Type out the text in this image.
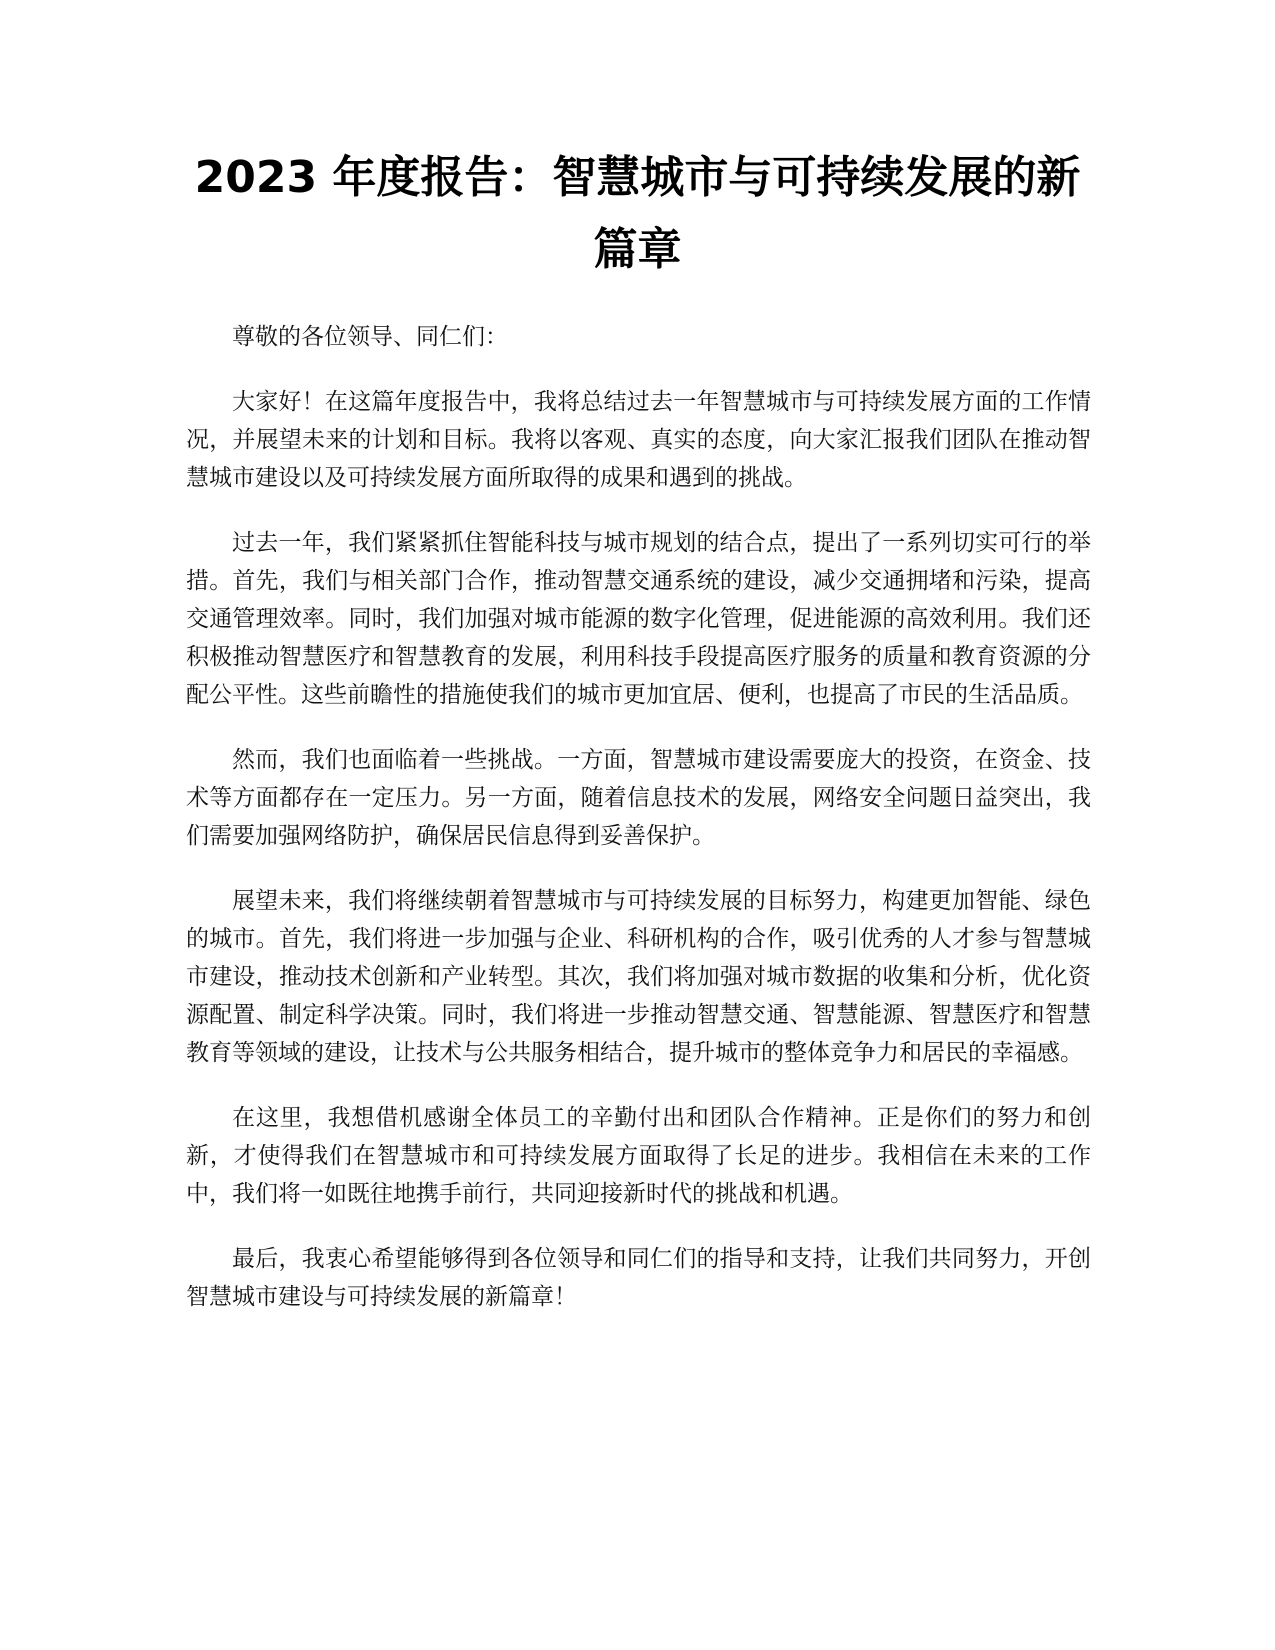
2023 年度报告：智慧城市与可持续发展的新篇章

尊敬的各位领导、同仁们：

大家好！在这篇年度报告中，我将总结过去一年智慧城市与可持续发展方面的工作情况，并展望未来的计划和目标。我将以客观、真实的态度，向大家汇报我们团队在推动智慧城市建设以及可持续发展方面所取得的成果和遇到的挑战。

过去一年，我们紧紧抓住智能科技与城市规划的结合点，提出了一系列切实可行的举措。首先，我们与相关部门合作，推动智慧交通系统的建设，减少交通拥堵和污染，提高交通管理效率。同时，我们加强对城市能源的数字化管理，促进能源的高效利用。我们还积极推动智慧医疗和智慧教育的发展，利用科技手段提高医疗服务的质量和教育资源的分配公平性。这些前瞻性的措施使我们的城市更加宜居、便利，也提高了市民的生活品质。

然而，我们也面临着一些挑战。一方面，智慧城市建设需要庞大的投资，在资金、技术等方面都存在一定压力。另一方面，随着信息技术的发展，网络安全问题日益突出，我们需要加强网络防护，确保居民信息得到妥善保护。

展望未来，我们将继续朝着智慧城市与可持续发展的目标努力，构建更加智能、绿色的城市。首先，我们将进一步加强与企业、科研机构的合作，吸引优秀的人才参与智慧城市建设，推动技术创新和产业转型。其次，我们将加强对城市数据的收集和分析，优化资源配置、制定科学决策。同时，我们将进一步推动智慧交通、智慧能源、智慧医疗和智慧教育等领域的建设，让技术与公共服务相结合，提升城市的整体竞争力和居民的幸福感。

在这里，我想借机感谢全体员工的辛勤付出和团队合作精神。正是你们的努力和创新，才使得我们在智慧城市和可持续发展方面取得了长足的进步。我相信在未来的工作中，我们将一如既往地携手前行，共同迎接新时代的挑战和机遇。

最后，我衷心希望能够得到各位领导和同仁们的指导和支持，让我们共同努力，开创智慧城市建设与可持续发展的新篇章！
